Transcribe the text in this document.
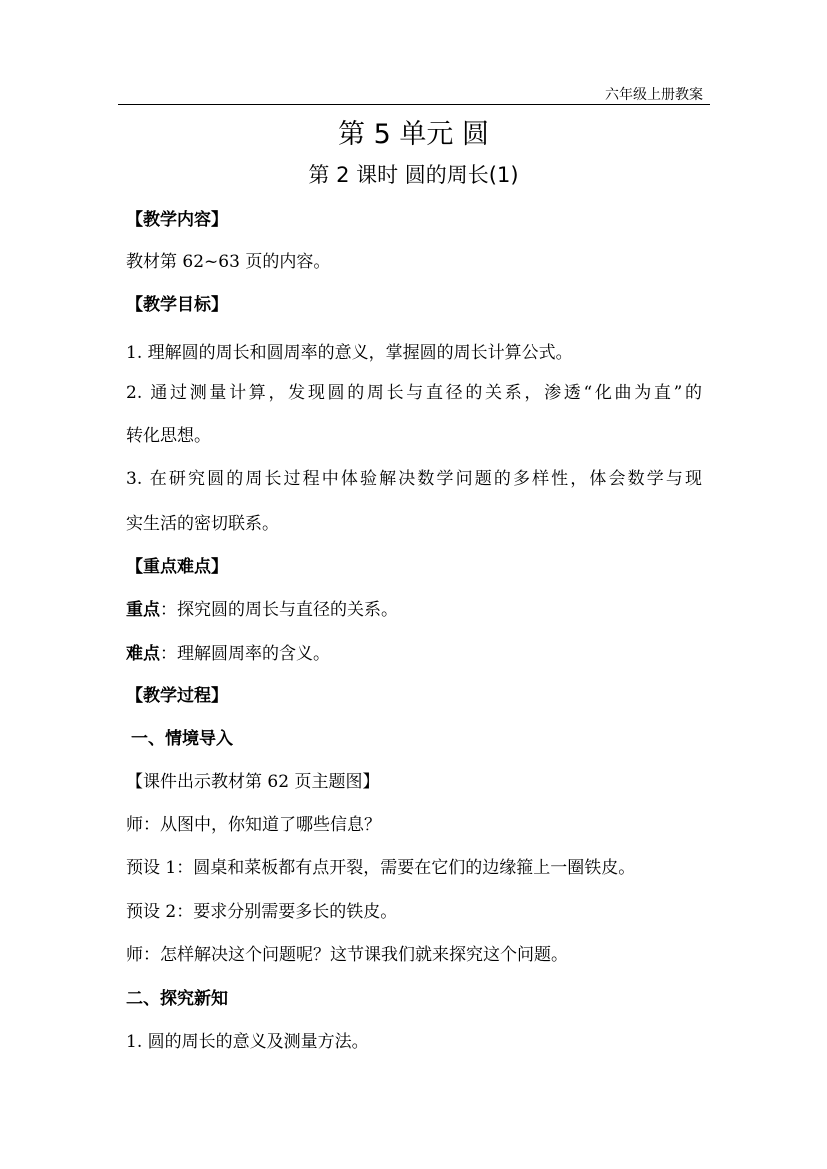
六年级上册教案
第 5 单元 圆
第 2 课时 圆的周长(1)
【教学内容】
教材第 62~63 页的内容。
【教学目标】
1. 理解圆的周长和圆周率的意义，掌握圆的周长计算公式。
2. 通过测量计算，发现圆的周长与直径的关系，渗透“化曲为直”的
转化思想。
3. 在研究圆的周长过程中体验解决数学问题的多样性，体会数学与现
实生活的密切联系。
【重点难点】
重点：探究圆的周长与直径的关系。
难点：理解圆周率的含义。
【教学过程】
一、情境导入
【课件出示教材第 62 页主题图】
师：从图中，你知道了哪些信息？
预设 1：圆桌和菜板都有点开裂，需要在它们的边缘箍上一圈铁皮。
预设 2：要求分别需要多长的铁皮。
师：怎样解决这个问题呢？这节课我们就来探究这个问题。
二、探究新知
1. 圆的周长的意义及测量方法。
